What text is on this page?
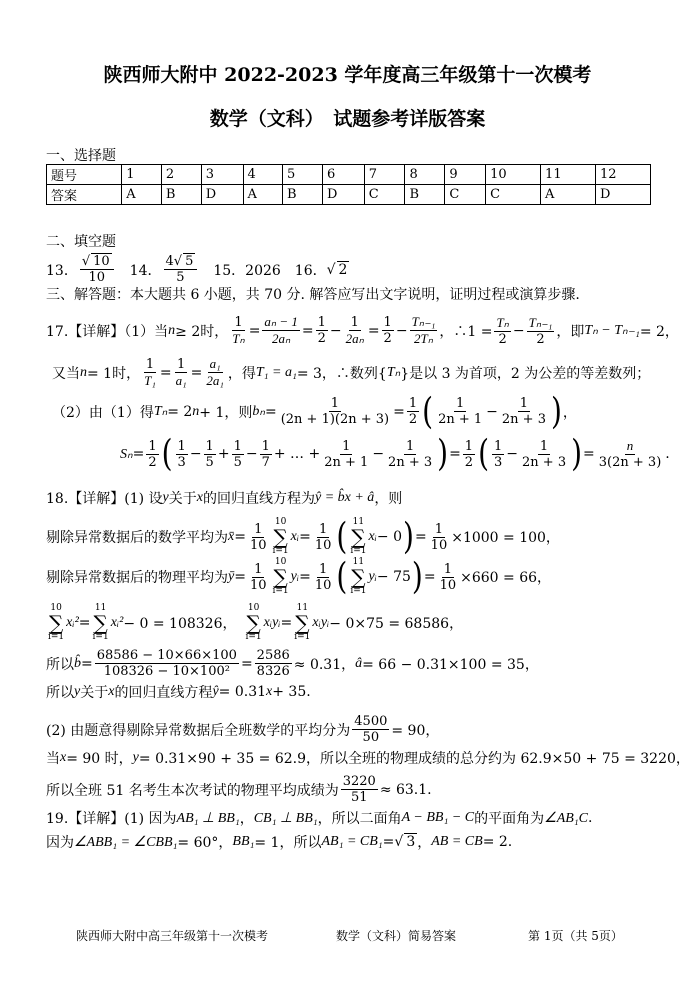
陕西师大附中 2022-2023 学年度高三年级第十一次模考
数学（文科）　试题参考详版答案
一、选择题
题号	1	2	3	4	5	6	7	8	9	10	11	12
答案	A	B	D	A	B	D	C	B	C	C	A	D
二、填空题
13． $\frac{√ 10}{10}$ 　14． $\frac{4√ 5}{5}$ 　15．2026　16． √ 2
三、解答题：本大题共 6 小题，共 70 分. 解答应写出文字说明，证明过程或演算步骤.
17.【详解】（1）当 n ≥ 2时， $\frac{1}{\text{Tₙ}} = \frac{\text{aₙ − 1}}{\text{2aₙ}} = \frac{1}{2} - \frac{1}{\text{2aₙ}} = \frac{1}{2} - \frac{\text{Tₙ₋₁}}{\text{2Tₙ}}$ ，∴1 = $\frac{\text{Tₙ}}{2} - \frac{\text{Tₙ₋₁}}{2}$ ，即 Tₙ − Tₙ₋₁ = 2，
又当 n = 1时， $\frac{1}{\text{T₁}} = \frac{1}{\text{a₁}} = \frac{\text{a₁}}{\text{2a₁}}$ ，得 T₁ = a₁ = 3，∴数列{ Tₙ }是以 3 为首项，2 为公差的等差数列；
（2）由（1）得 Tₙ = 2 n + 1，则 $b_n = \frac{1}{(2n + 1)(2n + 3)} = \frac{1}{2}$ ( $\frac{1}{2n + 1} - \frac{1}{2n + 3}$ ) ，
$S_n = \frac{1}{2}$ ( $\frac{1}{3} - \frac{1}{5} + \frac{1}{5} - \frac{1}{7}$ + … + $\frac{1}{2n + 1} - \frac{1}{2n + 3}$ ) = $\frac{1}{2}$ ( $\frac{1}{3} - \frac{1}{2n + 3}$ ) = $\frac{n}{3(2n + 3)}$ .
18.【详解】(1) 设 y 关于 x 的回归直线方程为 ŷ = b̂x + â ，则
剔除异常数据后的数学平均为 x̄ = $\frac{1}{10} 10$
∑
i=1
xᵢ = $\frac{1}{10}$ ( 11
∑
i=1
xᵢ − 0 ) = $\frac{1}{10} \times 1000 = 100$，
剔除异常数据后的物理平均为 ȳ = $\frac{1}{10} 10$
∑
i=1
yᵢ = $\frac{1}{10}$ ( 11
∑
i=1
yᵢ − 75 ) = $\frac{1}{10} \times 660 = 66$，
10
∑
i=1
xᵢ² =
11
∑
i=1
xᵢ² − 0 = 108326，　
10
∑
i=1
xᵢyᵢ =
11
∑
i=1
xᵢyᵢ − 0×75 = 68586，
所以 b̂ = $\frac{68586 - 10\times 66\times 100}{\text{108326 − 10×100²}} = \frac{2586}{8326} \approx 0.31$， â = 66 − 0.31×100 = 35，
所以 y 关于 x 的回归直线方程 ŷ = 0.31 x + 35.
(2) 由题意得剔除异常数据后全班数学的平均分为 $\frac{4500}{50} = 90$，
当 x = 90 时， y = 0.31×90 + 35 = 62.9，所以全班的物理成绩的总分约为 62.9×50 + 75 = 3220，
所以全班 51 名考生本次考试的物理平均成绩为 $\frac{3220}{51} \approx 63.1$.
19.【详解】(1) 因为 AB₁ ⊥ BB₁ ， CB₁ ⊥ BB₁ ，所以二面角 A − BB₁ − C 的平面角为 ∠AB₁C .
因为 ∠ABB₁ = ∠CBB₁ = 60°， BB₁ = 1，所以 AB₁ = CB₁ = √ 3 ， AB = CB = 2.
陕西师大附中高三年级第十一次模考	数学（文科）简易答案	第 1页（共 5页）
